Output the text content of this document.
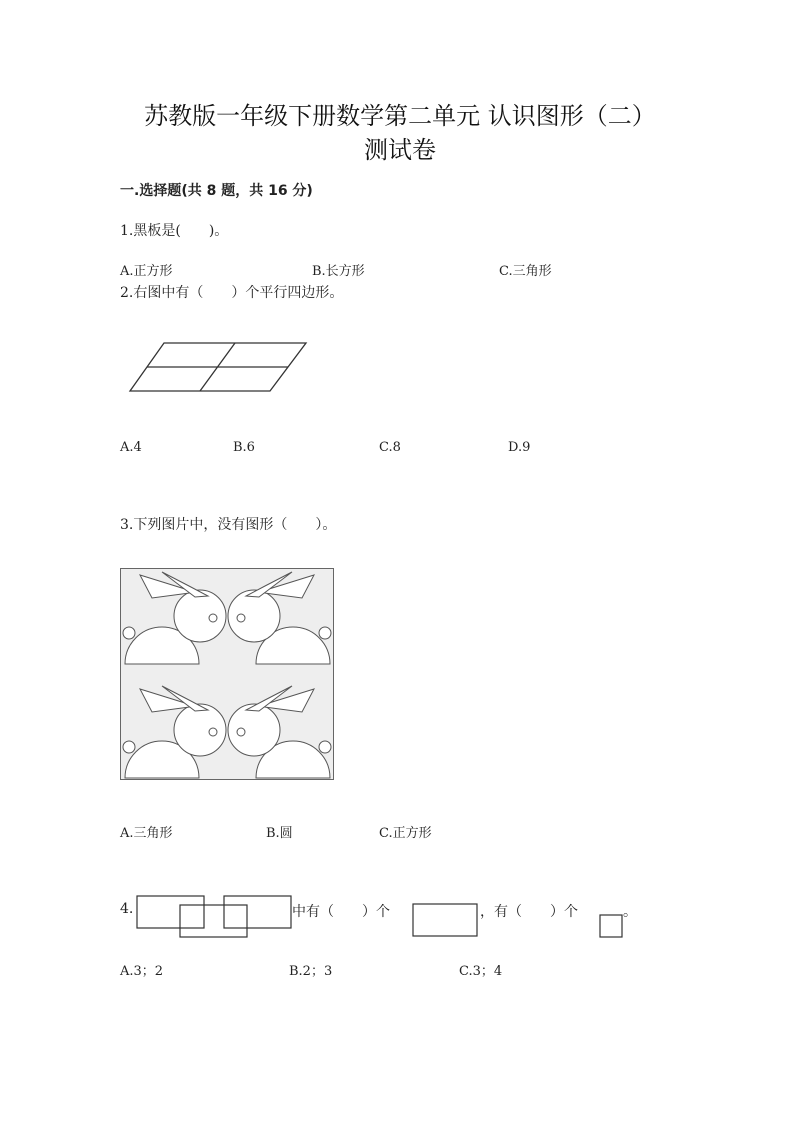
苏教版一年级下册数学第二单元 认识图形（二）
测试卷
一.选择题(共 8 题，共 16 分)
1.黑板是(　　)。
A.正方形	B.长方形	C.三角形
2.右图中有（　　）个平行四边形。
A.4	B.6	C.8	D.9
3.下列图片中，没有图形（　　）。
A.三角形	B.圆	C.正方形
4.	中有（　　）个	，有（　　）个	。
A.3；2	B.2；3	C.3；4
